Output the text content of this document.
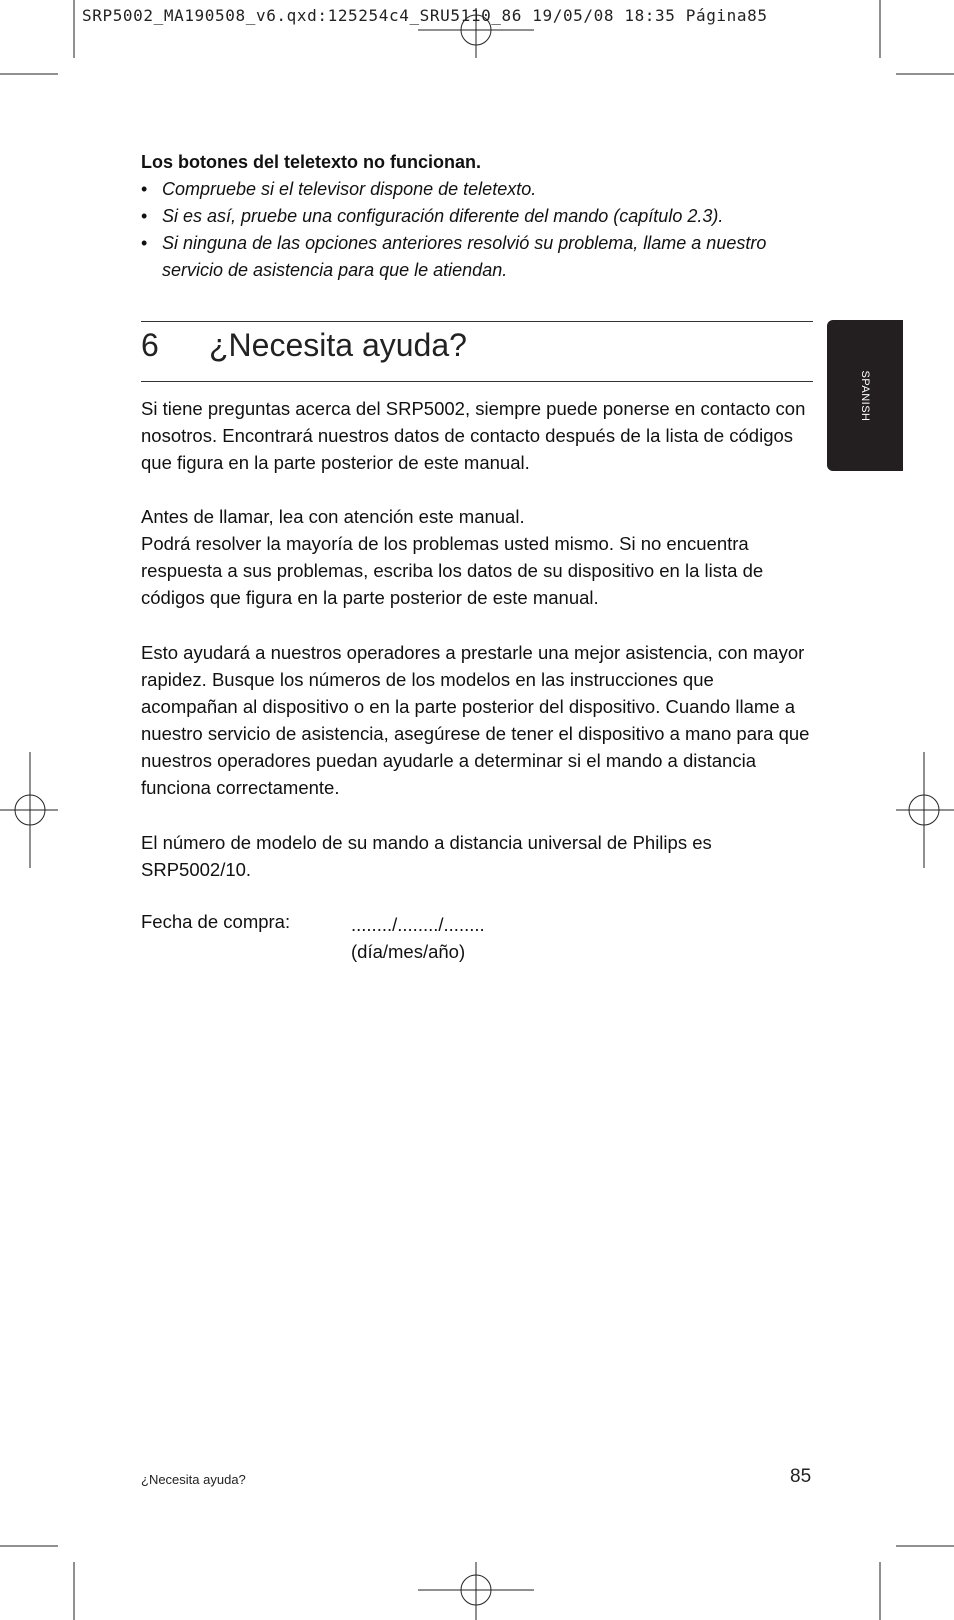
SRP5002_MA190508_v6.qxd:125254c4_SRU5110_86 19/05/08 18:35 Página85
Los botones del teletexto no funcionan.
• Compruebe si el televisor dispone de teletexto.
• Si es así, pruebe una configuración diferente del mando (capítulo 2.3).
• Si ninguna de las opciones anteriores resolvió su problema, llame a nuestro servicio de asistencia para que le atiendan.
6 ¿Necesita ayuda?
SPANISH

Si tiene preguntas acerca del SRP5002, siempre puede ponerse en contacto con nosotros. Encontrará nuestros datos de contacto después de la lista de códigos que figura en la parte posterior de este manual.

Antes de llamar, lea con atención este manual.

Podrá resolver la mayoría de los problemas usted mismo. Si no encuentra respuesta a sus problemas, escriba los datos de su dispositivo en la lista de códigos que figura en la parte posterior de este manual.

Esto ayudará a nuestros operadores a prestarle una mejor asistencia, con mayor rapidez. Busque los números de los modelos en las instrucciones que acompañan al dispositivo o en la parte posterior del dispositivo. Cuando llame a nuestro servicio de asistencia, asegúrese de tener el dispositivo a mano para que nuestros operadores puedan ayudarle a determinar si el mando a distancia funciona correctamente.

El número de modelo de su mando a distancia universal de Philips es SRP5002/10.

Fecha de compra:	......../......../........
(día/mes/año)
¿Necesita ayuda?	85
